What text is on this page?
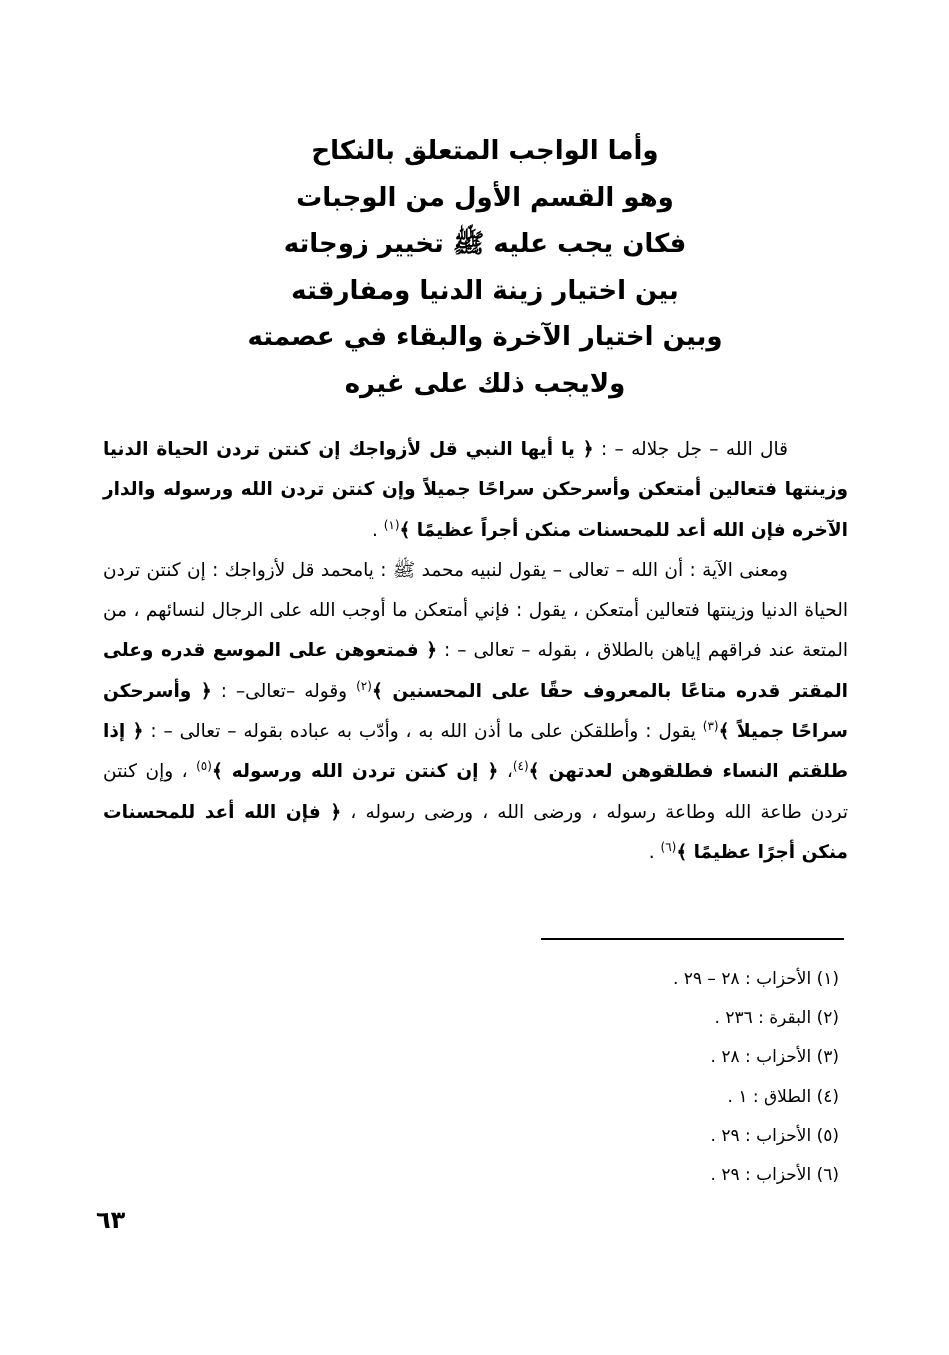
وأما الواجب المتعلق بالنكاح
وهو القسم الأول من الوجبات
فكان يجب عليه ﷺ تخيير زوجاته
بين اختيار زينة الدنيا ومفارقته
وبين اختيار الآخرة والبقاء في عصمته
ولايجب ذلك على غيره

قال الله – جل جلاله – : ﴿ يا أيها النبي قل لأزواجك إن كنتن تردن الحياة الدنيا وزينتها فتعالين أمتعكن وأسرحكن سراحًا جميلاً وإن كنتن تردن الله ورسوله والدار الآخره فإن الله أعد للمحسنات منكن أجراً عظيمًا ﴾$^{(١)}$ .

ومعنى الآية : أن الله – تعالى – يقول لنبيه محمد ﷺ : يامحمد قل لأزواجك : إن كنتن تردن الحياة الدنيا وزينتها فتعالين أمتعكن ، يقول : فإني أمتعكن ما أوجب الله على الرجال لنسائهم ، من المتعة عند فراقهم إياهن بالطلاق ، بقوله – تعالى – : ﴿ فمتعوهن على الموسع قدره وعلى المقتر قدره متاعًا بالمعروف حقًا على المحسنين ﴾$^{(٢)}$ وقوله –تعالى– : ﴿ وأسرحكن سراحًا جميلاً ﴾$^{(٣)}$ يقول : وأطلقكن على ما أذن الله به ، وأدّب به عباده بقوله – تعالى – : ﴿ إذا طلقتم النساء فطلقوهن لعدتهن ﴾$^{(٤)}$، ﴿ إن كنتن تردن الله ورسوله ﴾$^{(٥)}$ ، وإن كنتن تردن طاعة الله وطاعة رسوله ، ورضى الله ، ورضى رسوله ، ﴿ فإن الله أعد للمحسنات منكن أجرًا عظيمًا ﴾$^{(٦)}$ .

(١) الأحزاب : ٢٨ – ٢٩ .
(٢) البقرة : ٢٣٦ .
(٣) الأحزاب : ٢٨ .
(٤) الطلاق : ١ .
(٥) الأحزاب : ٢٩ .
(٦) الأحزاب : ٢٩ .
٦٣
